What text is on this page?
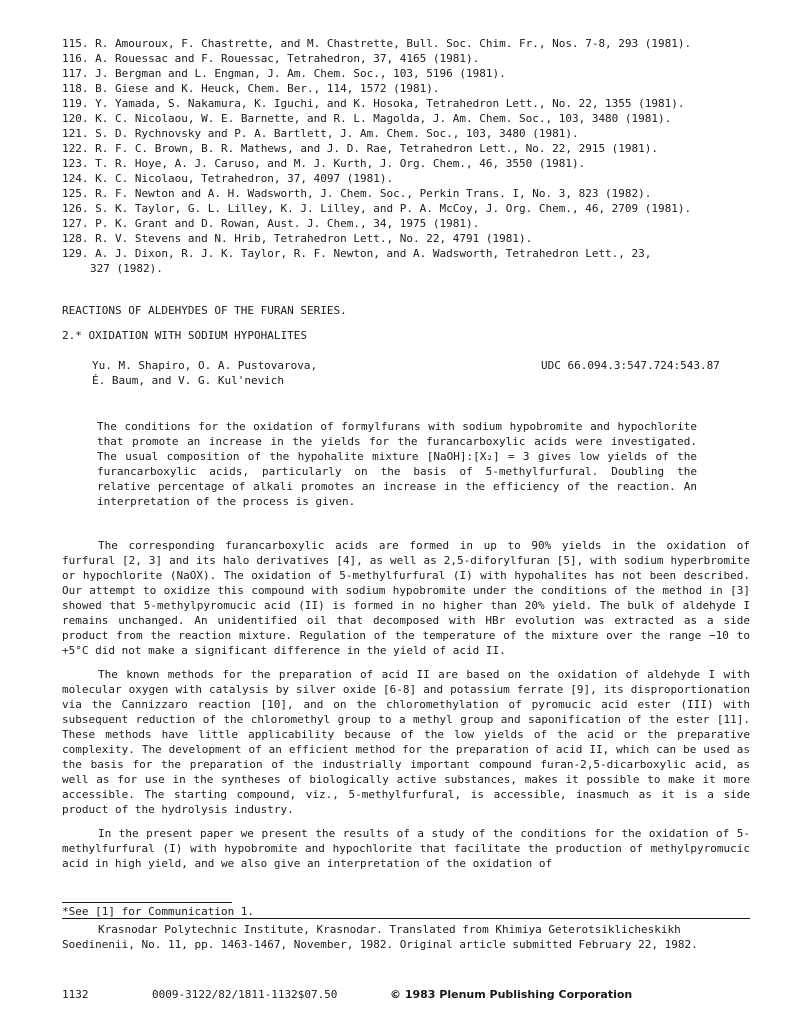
115. R. Amouroux, F. Chastrette, and M. Chastrette, Bull. Soc. Chim. Fr., Nos. 7-8, 293 (1981).
116. A. Rouessac and F. Rouessac, Tetrahedron, 37, 4165 (1981).
117. J. Bergman and L. Engman, J. Am. Chem. Soc., 103, 5196 (1981).
118. B. Giese and K. Heuck, Chem. Ber., 114, 1572 (1981).
119. Y. Yamada, S. Nakamura, K. Iguchi, and K. Hosoka, Tetrahedron Lett., No. 22, 1355 (1981).
120. K. C. Nicolaou, W. E. Barnette, and R. L. Magolda, J. Am. Chem. Soc., 103, 3480 (1981).
121. S. D. Rychnovsky and P. A. Bartlett, J. Am. Chem. Soc., 103, 3480 (1981).
122. R. F. C. Brown, B. R. Mathews, and J. D. Rae, Tetrahedron Lett., No. 22, 2915 (1981).
123. T. R. Hoye, A. J. Caruso, and M. J. Kurth, J. Org. Chem., 46, 3550 (1981).
124. K. C. Nicolaou, Tetrahedron, 37, 4097 (1981).
125. R. F. Newton and A. H. Wadsworth, J. Chem. Soc., Perkin Trans. I, No. 3, 823 (1982).
126. S. K. Taylor, G. L. Lilley, K. J. Lilley, and P. A. McCoy, J. Org. Chem., 46, 2709 (1981).
127. P. K. Grant and D. Rowan, Aust. J. Chem., 34, 1975 (1981).
128. R. V. Stevens and N. Hrib, Tetrahedron Lett., No. 22, 4791 (1981).
129. A. J. Dixon, R. J. K. Taylor, R. F. Newton, and A. Wadsworth, Tetrahedron Lett., 23,
327 (1982).
REACTIONS OF ALDEHYDES OF THE FURAN SERIES.
2.* OXIDATION WITH SODIUM HYPOHALITES
Yu. M. Shapiro, O. A. Pustovarova,
É. Baum, and V. G. Kul'nevich
UDC 66.094.3:547.724:543.87
The conditions for the oxidation of formylfurans with sodium hypobromite and hypochlorite that promote an increase in the yields for the furancarboxylic acids were investigated. The usual composition of the hypohalite mixture [NaOH]:[X₂] = 3 gives low yields of the furancarboxylic acids, particularly on the basis of 5-methylfurfural. Doubling the relative percentage of alkali promotes an increase in the efficiency of the reaction. An interpretation of the process is given.

The corresponding furancarboxylic acids are formed in up to 90% yields in the oxidation of furfural [2, 3] and its halo derivatives [4], as well as 2,5-diforylfuran [5], with sodium hyperbromite or hypochlorite (NaOX). The oxidation of 5-methylfurfural (I) with hypohalites has not been described. Our attempt to oxidize this compound with sodium hypobromite under the conditions of the method in [3] showed that 5-methylpyromucic acid (II) is formed in no higher than 20% yield. The bulk of aldehyde I remains unchanged. An unidentified oil that decomposed with HBr evolution was extracted as a side product from the reaction mixture. Regulation of the temperature of the mixture over the range −10 to +5°C did not make a significant difference in the yield of acid II.

The known methods for the preparation of acid II are based on the oxidation of aldehyde I with molecular oxygen with catalysis by silver oxide [6-8] and potassium ferrate [9], its disproportionation via the Cannizzaro reaction [10], and on the chloromethylation of pyromucic acid ester (III) with subsequent reduction of the chloromethyl group to a methyl group and saponification of the ester [11]. These methods have little applicability because of the low yields of the acid or the preparative complexity. The development of an efficient method for the preparation of acid II, which can be used as the basis for the preparation of the industrially important compound furan-2,5-dicarboxylic acid, as well as for use in the syntheses of biologically active substances, makes it possible to make it more accessible. The starting compound, viz., 5-methylfurfural, is accessible, inasmuch as it is a side product of the hydrolysis industry.

In the present paper we present the results of a study of the conditions for the oxidation of 5-methylfurfural (I) with hypobromite and hypochlorite that facilitate the production of methylpyromucic acid in high yield, and we also give an interpretation of the oxidation of

*See [1] for Communication 1.

Krasnodar Polytechnic Institute, Krasnodar. Translated from Khimiya Geterotsiklicheskikh Soedinenii, No. 11, pp. 1463-1467, November, 1982. Original article submitted February 22, 1982.

1132	0009-3122/82/1811-1132$07.50	© 1983 Plenum Publishing Corporation
